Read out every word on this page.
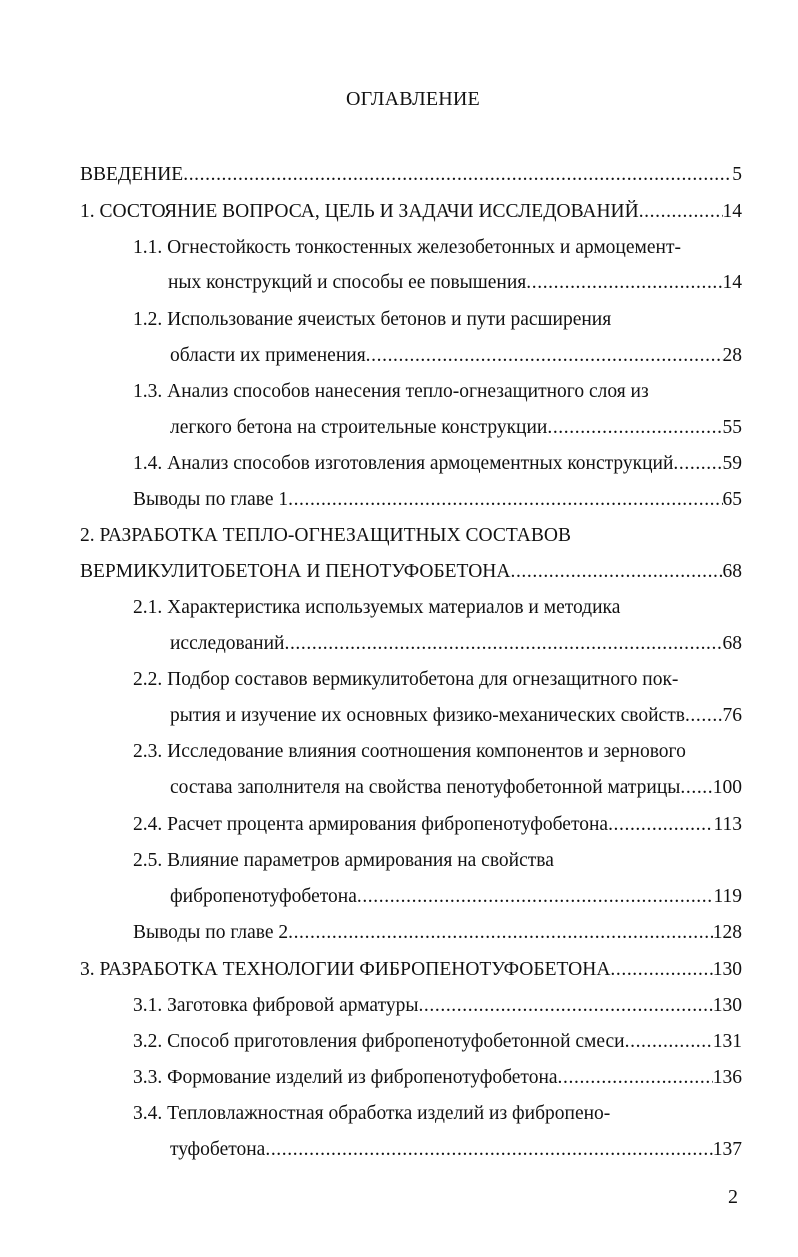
ОГЛАВЛЕНИЕ
ВВЕДЕНИЕ .....	5
1. СОСТОЯНИЕ ВОПРОСА, ЦЕЛЬ И ЗАДАЧИ ИССЛЕДОВАНИЙ .....	14
1.1. Огнестойкость тонкостенных железобетонных и армоцемент-
ных конструкций и способы ее повышения .....	14
1.2. Использование ячеистых бетонов и пути расширения
области их применения .....	28
1.3. Анализ способов нанесения тепло-огнезащитного слоя из
легкого бетона на строительные конструкции .....	55
1.4. Анализ способов изготовления армоцементных конструкций .....	59
Выводы по главе 1 .....	65
2. РАЗРАБОТКА ТЕПЛО-ОГНЕЗАЩИТНЫХ СОСТАВОВ
ВЕРМИКУЛИТОБЕТОНА И ПЕНОТУФОБЕТОНА .....	68
2.1. Характеристика используемых материалов и методика
исследований .....	68
2.2. Подбор составов вермикулитобетона для огнезащитного пок-
рытия и изучение их основных физико-механических свойств ..... 76
2.3. Исследование влияния соотношения компонентов и зернового
состава заполнителя на свойства пенотуфобетонной матрицы ..... 100
2.4. Расчет процента армирования фибропенотуфобетона .....	113
2.5. Влияние параметров армирования на свойства
фибропенотуфобетона .....	119
Выводы по главе 2 .....	128
3. РАЗРАБОТКА ТЕХНОЛОГИИ ФИБРОПЕНОТУФОБЕТОНА .....	130
3.1. Заготовка фибровой арматуры .....	130
3.2. Способ приготовления фибропенотуфобетонной смеси .....	131
3.3. Формование изделий из фибропенотуфобетона .....	136
3.4. Тепловлажностная обработка изделий из фибропено-
туфобетона .....	137
2
